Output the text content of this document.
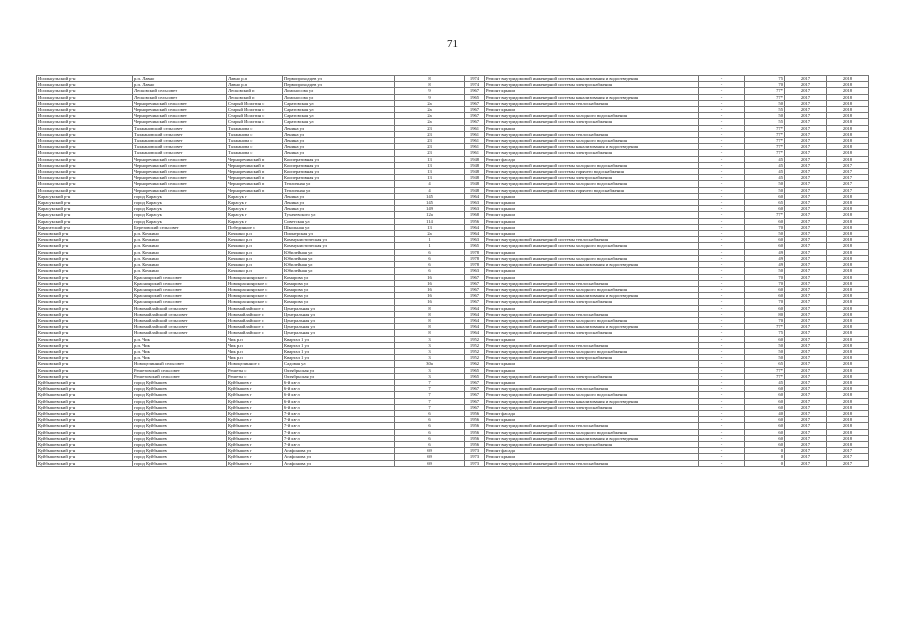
71
Исилькульский р-н	р.п. Лавно	Лавно р.п	Первопроходцев ул	8	1974	Ремонт внутридомовой инженерной системы канализования и водоотведения	-	75	2017	2018
Исилькульский р-н	р.п. Лавно	Лавно р.п	Первопроходцев ул	8	1974	Ремонт внутридомовой инженерной системы электроснабжения	-	70	2017	2018
Исилькульский р-н	Лесковский сельсовет	Лесковский п	Ломоносова ул	9	1967	Ремонт крыши	-	77*	2017	2018
Исилькульский р-н	Лесковский сельсовет	Лесковский п	Ломоносова ул	9	1965	Ремонт внутридомовой инженерной системы канализования и водоотведения	-	77*	2017	2018
Исилькульский р-н	Черноречинский сельсовет	Старый Исилтин с	Саратовская ул	2а	1967	Ремонт внутридомовой инженерной системы теплоснабжения	-	50	2017	2018
Исилькульский р-н	Черноречинский сельсовет	Старый Исилтин с	Саратовская ул	2а	1967	Ремонт крыши	-	55	2017	2018
Исилькульский р-н	Черноречинский сельсовет	Старый Исилтин с	Саратовская ул	2а	1967	Ремонт внутридомовой инженерной системы холодного водоснабжения	-	50	2017	2018
Исилькульский р-н	Черноречинский сельсовет	Старый Исилтин с	Саратовская ул	2а	1967	Ремонт внутридомовой инженерной системы электроснабжения	-	55	2017	2018
Исилькульский р-н	Талжановский сельсовет	Талжанова с	Ленина ул	23	1961	Ремонт крыши	-	77*	2017	2018
Исилькульский р-н	Талжановский сельсовет	Талжанова с	Ленина ул	23	1961	Ремонт внутридомовой инженерной системы теплоснабжения	-	77*	2017	2018
Исилькульский р-н	Талжановский сельсовет	Талжанова с	Ленина ул	23	1961	Ремонт внутридомовой инженерной системы холодного водоснабжения	-	77*	2017	2018
Исилькульский р-н	Талжановский сельсовет	Талжанова с	Ленина ул	23	1961	Ремонт внутридомовой инженерной системы канализования и водоотведения	-	77*	2017	2018
Исилькульский р-н	Талжановский сельсовет	Талжанова с	Ленина ул	23	1961	Ремонт внутридомовой инженерной системы электроснабжения	-	77*	2017	2018
Исилькульский р-н	Черноречинский сельсовет	Черноречинский п	Кооперативная ул	13	1948	Ремонт фасада	-	45	2017	2018
Исилькульский р-н	Черноречинский сельсовет	Черноречинский п	Кооперативная ул	13	1948	Ремонт внутридомовой инженерной системы холодного водоснабжения	-	45	2017	2017
Исилькульский р-н	Черноречинский сельсовет	Черноречинский п	Кооперативная ул	13	1948	Ремонт внутридомовой инженерной системы горячего водоснабжения	-	45	2017	2017
Исилькульский р-н	Черноречинский сельсовет	Черноречинский п	Кооперативная ул	13	1948	Ремонт внутридомовой инженерной системы электроснабжения	-	45	2017	2017
Исилькульский р-н	Черноречинский сельсовет	Черноречинский п	Тепличная ул	4	1948	Ремонт внутридомовой инженерной системы холодного водоснабжения	-	50	2017	2017
Исилькульский р-н	Черноречинский сельсовет	Черноречинский п	Тепличная ул	4	1948	Ремонт внутридомовой инженерной системы горячего водоснабжения	-	50	2017	2017
Карасукский р-н	город Карасук	Карасук г	Ленина ул	145	1964	Ремонт крыши	-	60	2017	2018
Карасукский р-н	город Карасук	Карасук г	Ленина ул	145	1963	Ремонт крыши	-	65	2017	2018
Карасукский р-н	город Карасук	Карасук г	Ленина ул	149	1963	Ремонт крыши	-	60	2017	2018
Карасукский р-н	город Карасук	Карасук г	Тухачевского ул	12а	1968	Ремонт крыши	-	77*	2017	2018
Карасукский р-н	город Карасук	Карасук г	Советская ул	114	1956	Ремонт крыши	-	60	2017	2018
Карагатский р-н	Березовский сельсовет	Побединное с	Школьная ул	13	1964	Ремонт крыши	-	70	2017	2018
Кочковский р-н	р.п. Кочкино	Кочкино р.п	Пионерская ул	2а	1964	Ремонт крыши	-	50	2017	2018
Кочковский р-н	р.п. Кочкино	Кочкино р.п	Коммунистическая ул	1	1963	Ремонт внутридомовой инженерной системы теплоснабжения	-	60	2017	2018
Кочковский р-н	р.п. Кочкино	Кочкино р.п	Коммунистическая ул	1	1965	Ремонт внутридомовой инженерной системы холодного водоснабжения	-	60	2017	2018
Кочковский р-н	р.п. Кочкино	Кочкино р.п	Юбилейная ул	6	1978	Ремонт крыши	-	49	2017	2018
Кочковский р-н	р.п. Кочкино	Кочкино р.п	Юбилейная ул	6	1978	Ремонт внутридомовой инженерной системы холодного водоснабжения	-	49	2017	2018
Кочковский р-н	р.п. Кочкино	Кочкино р.п	Юбилейная ул	6	1978	Ремонт внутридомовой инженерной системы канализования и водоотведения	-	49	2017	2018
Кочковский р-н	р.п. Кочкино	Кочкино р.п	Юбилейная ул	6	1963	Ремонт крыши	-	50	2017	2018
Кочковский р-н	Красноярский сельсовет	Новокрасноярское с	Комарова ул	16	1967	Ремонт крыши	-	70	2017	2018
Кочковский р-н	Красноярский сельсовет	Новокрасноярское с	Комарова ул	16	1967	Ремонт внутридомовой инженерной системы теплоснабжения	-	70	2017	2018
Кочковский р-н	Красноярский сельсовет	Новокрасноярское с	Комарова ул	16	1967	Ремонт внутридомовой инженерной системы холодного водоснабжения	-	60	2017	2018
Кочковский р-н	Красноярский сельсовет	Новокрасноярское с	Комарова ул	16	1967	Ремонт внутридомовой инженерной системы канализования и водоотведения	-	60	2017	2018
Кочковский р-н	Красноярский сельсовет	Новокрасноярское с	Комарова ул	16	1967	Ремонт внутридомовой инженерной системы электроснабжения	-	70	2017	2018
Кочковский р-н	Новомайлайский сельсовет	Новомайлайское с	Центральная ул	8	1964	Ремонт крыши	-	60	2017	2018
Кочковский р-н	Новомайлайский сельсовет	Новомайлайское с	Центральная ул	8	1964	Ремонт внутридомовой инженерной системы теплоснабжения	-	80	2017	2018
Кочковский р-н	Новомайлайский сельсовет	Новомайлайское с	Центральная ул	8	1964	Ремонт внутридомовой инженерной системы холодного водоснабжения	-	70	2017	2018
Кочковский р-н	Новомайлайский сельсовет	Новомайлайское с	Центральная ул	8	1964	Ремонт внутридомовой инженерной системы канализования и водоотведения	-	77*	2017	2018
Кочковский р-н	Новомайлайский сельсовет	Новомайлайское с	Центральная ул	8	1964	Ремонт внутридомовой инженерной системы электроснабжения	-	75	2017	2018
Кочковский р-н	р.п. Чик	Чик р.п	Квартал 1 ул	3	1952	Ремонт крыши	-	60	2017	2018
Кочковский р-н	р.п. Чик	Чик р.п	Квартал 1 ул	3	1952	Ремонт внутридомовой инженерной системы теплоснабжения	-	50	2017	2018
Кочковский р-н	р.п. Чик	Чик р.п	Квартал 1 ул	3	1952	Ремонт внутридомовой инженерной системы холодного водоснабжения	-	50	2017	2018
Кочковский р-н	р.п. Чик	Чик р.п	Квартал 1 ул	3	1952	Ремонт внутридомовой инженерной системы электроснабжения	-	50	2017	2018
Кочковский р-н	Новоцелинный сельсовет	Новоцелинное с	Садовая ул	30а	1962	Ремонт крыши	-	65	2017	2018
Кочковский р-н	Решетовский сельсовет	Решеты с	Октябрьская ул	3	1965	Ремонт крыши	-	77*	2017	2018
Кочковский р-н	Решетовский сельсовет	Решеты с	Октябрьская ул	3	1965	Ремонт внутридомовой инженерной системы электроснабжения	-	77*	2017	2018
Куйбышевский р-н	город Куйбышев	Куйбышев г	6-й кв-л	7	1967	Ремонт крыши	-	45	2017	2018
Куйбышевский р-н	город Куйбышев	Куйбышев г	6-й кв-л	7	1967	Ремонт внутридомовой инженерной системы теплоснабжения	-	60	2017	2018
Куйбышевский р-н	город Куйбышев	Куйбышев г	6-й кв-л	7	1967	Ремонт внутридомовой инженерной системы холодного водоснабжения	-	60	2017	2018
Куйбышевский р-н	город Куйбышев	Куйбышев г	6-й кв-л	7	1967	Ремонт внутридомовой инженерной системы канализования и водоотведения	-	60	2017	2018
Куйбышевский р-н	город Куйбышев	Куйбышев г	6-й кв-л	7	1967	Ремонт внутридомовой инженерной системы электроснабжения	-	60	2017	2018
Куйбышевский р-н	город Куйбышев	Куйбышев г	7-й кв-л	6	1956	Ремонт фасада	-	40	2017	2018
Куйбышевский р-н	город Куйбышев	Куйбышев г	7-й кв-л	6	1956	Ремонт крыши	-	60	2017	2018
Куйбышевский р-н	город Куйбышев	Куйбышев г	7-й кв-л	6	1956	Ремонт внутридомовой инженерной системы теплоснабжения	-	60	2017	2018
Куйбышевский р-н	город Куйбышев	Куйбышев г	7-й кв-л	6	1956	Ремонт внутридомовой инженерной системы холодного водоснабжения	-	60	2017	2018
Куйбышевский р-н	город Куйбышев	Куйбышев г	7-й кв-л	6	1956	Ремонт внутридомовой инженерной системы канализования и водоотведения	-	60	2017	2018
Куйбышевский р-н	город Куйбышев	Куйбышев г	7-й кв-л	6	1956	Ремонт внутридомовой инженерной системы электроснабжения	-	60	2017	2018
Куйбышевский р-н	город Куйбышев	Куйбышев г	Агафонова ул	69	1973	Ремонт фасада	-	0	2017	2017
Куйбышевский р-н	город Куйбышев	Куйбышев г	Агафонова ул	69	1973	Ремонт крыши	-	0	2017	2017
Куйбышевский р-н	город Куйбышев	Куйбышев г	Агафонова ул	69	1973	Ремонт внутридомовой инженерной системы теплоснабжения	-	0	2017	2017
